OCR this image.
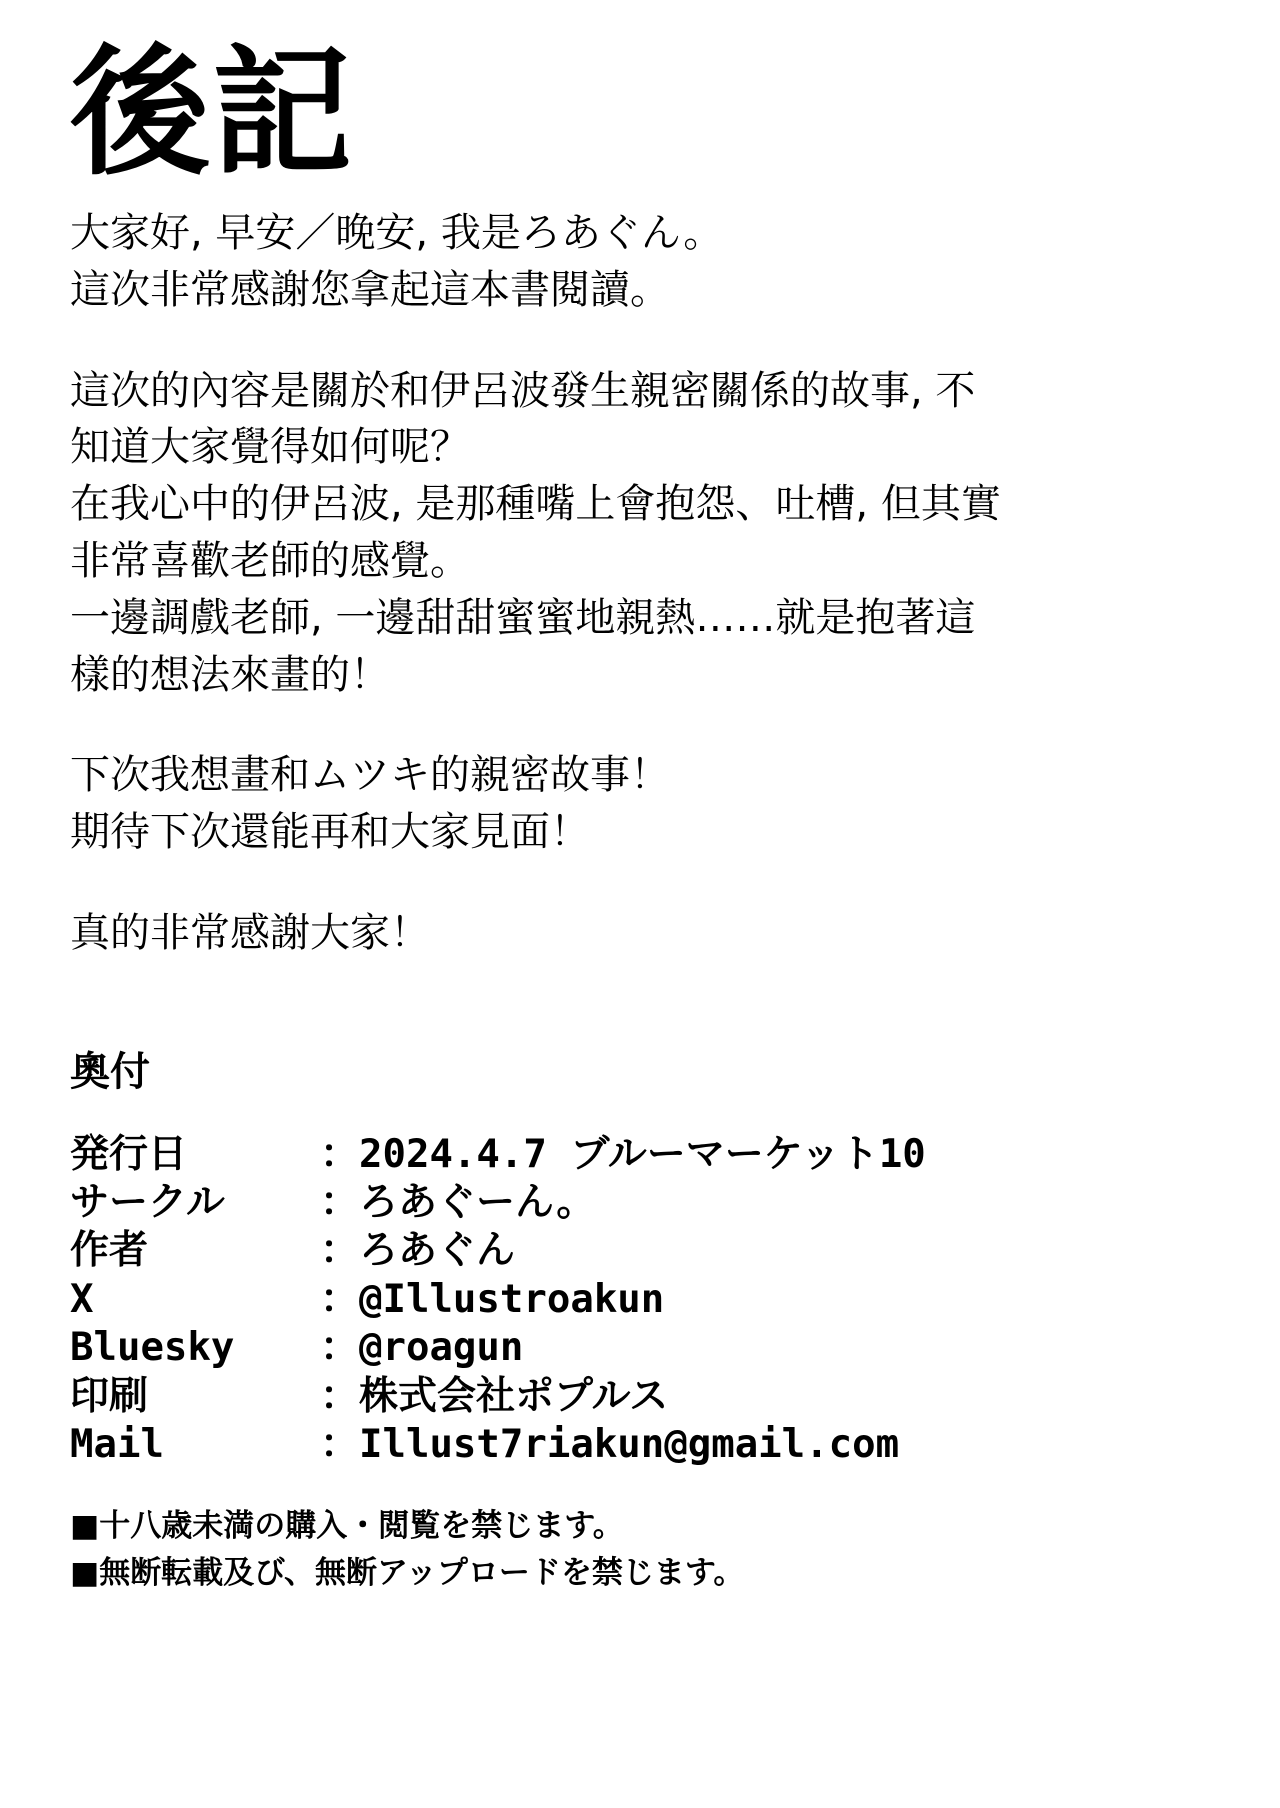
後記

大家好, 早安／晚安, 我是ろあぐん。

這次非常感謝您拿起這本書閱讀。

這次的內容是關於和伊呂波發生親密關係的故事, 不

知道大家覺得如何呢？

在我心中的伊呂波, 是那種嘴上會抱怨、吐槽, 但其實

非常喜歡老師的感覺。

一邊調戲老師, 一邊甜甜蜜蜜地親熱……就是抱著這

樣的想法來畫的！

下次我想畫和ムツキ的親密故事！

期待下次還能再和大家見面！

真的非常感謝大家！

奧付
発行日	：	2024.4.7 ブルーマーケット10
サークル	：	ろあぐーん。
作者	：	ろあぐん
X	：	@Illustroakun
Bluesky	：	@roagun
印刷	：	株式会社ポプルス
Mail	：	Illust7riakun@gmail.com

■十八歳未満の購入・閲覧を禁じます。

■無断転載及び、無断アップロードを禁じます。
